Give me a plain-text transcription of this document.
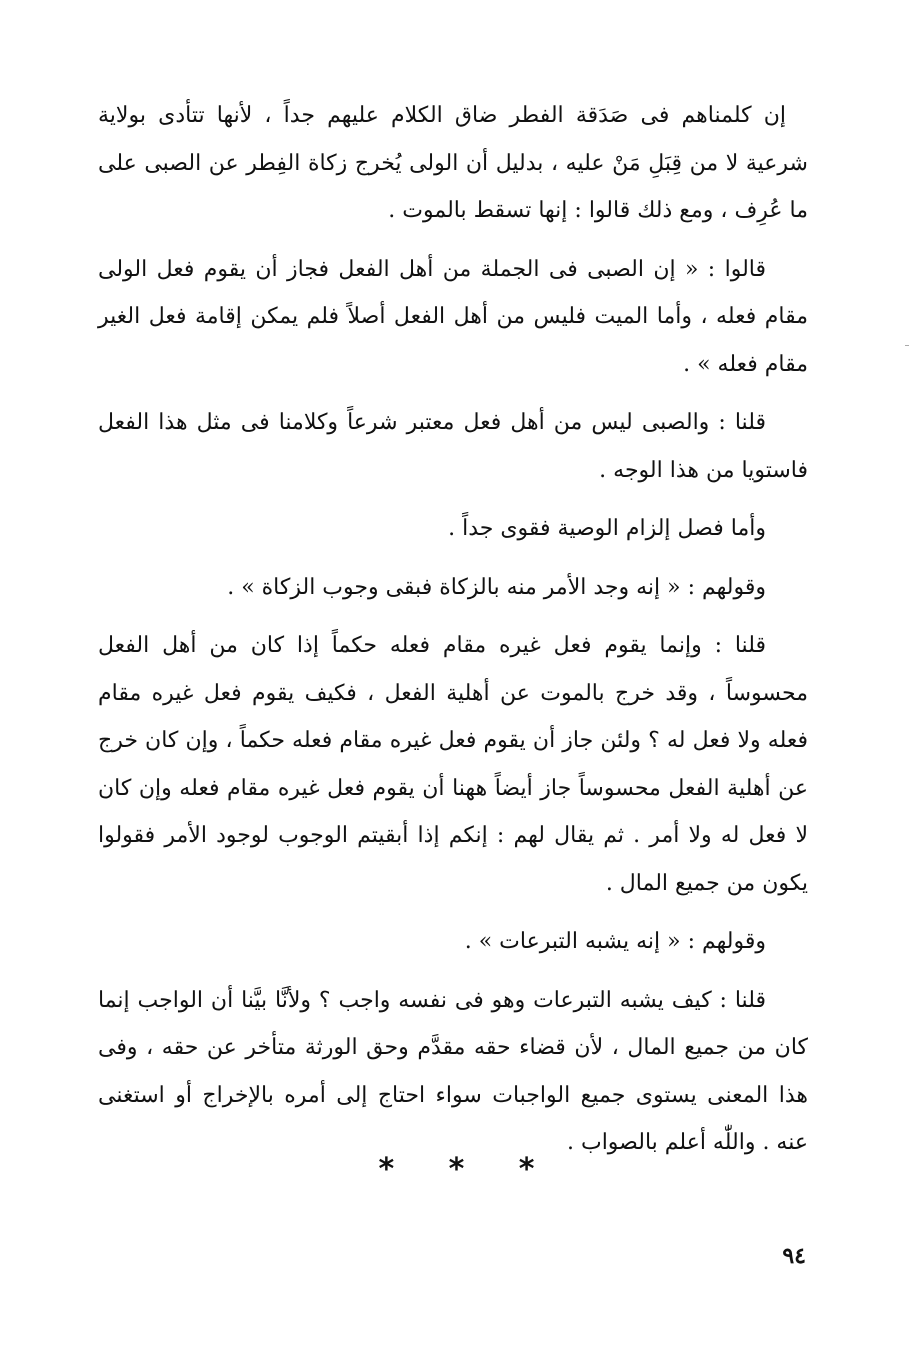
إن كلمناهم فى صَدَقة الفطر ضاق الكلام عليهم جداً ، لأنها تتأدى بولاية شرعية لا من قِبَلِ مَنْ عليه ، بدليل أن الولى يُخرج زكاة الفِطر عن الصبى على ما عُرِف ، ومع ذلك قالوا : إنها تسقط بالموت .

قالوا : « إن الصبى فى الجملة من أهل الفعل فجاز أن يقوم فعل الولى مقام فعله ، وأما الميت فليس من أهل الفعل أصلاً فلم يمكن إقامة فعل الغير مقام فعله » .

قلنا : والصبى ليس من أهل فعل معتبر شرعاً وكلامنا فى مثل هذا الفعل فاستويا من هذا الوجه .

وأما فصل إلزام الوصية فقوى جداً .

وقولهم : « إنه وجد الأمر منه بالزكاة فبقى وجوب الزكاة » .

قلنا : وإنما يقوم فعل غيره مقام فعله حكماً إذا كان من أهل الفعل محسوساً ، وقد خرج بالموت عن أهلية الفعل ، فكيف يقوم فعل غيره مقام فعله ولا فعل له ؟ ولئن جاز أن يقوم فعل غيره مقام فعله حكماً ، وإن كان خرج عن أهلية الفعل محسوساً جاز أيضاً ههنا أن يقوم فعل غيره مقام فعله وإن كان لا فعل له ولا أمر . ثم يقال لهم : إنكم إذا أبقيتم الوجوب لوجود الأمر فقولوا يكون من جميع المال .

وقولهم : « إنه يشبه التبرعات » .

قلنا : كيف يشبه التبرعات وهو فى نفسه واجب ؟ ولأنَّا بيَّنا أن الواجب إنما كان من جميع المال ، لأن قضاء حقه مقدَّم وحق الورثة متأخر عن حقه ، وفى هذا المعنى يستوى جميع الواجبات سواء احتاج إلى أمره بالإخراج أو استغنى عنه . واللّٰه أعلم بالصواب .

* * *
٩٤
